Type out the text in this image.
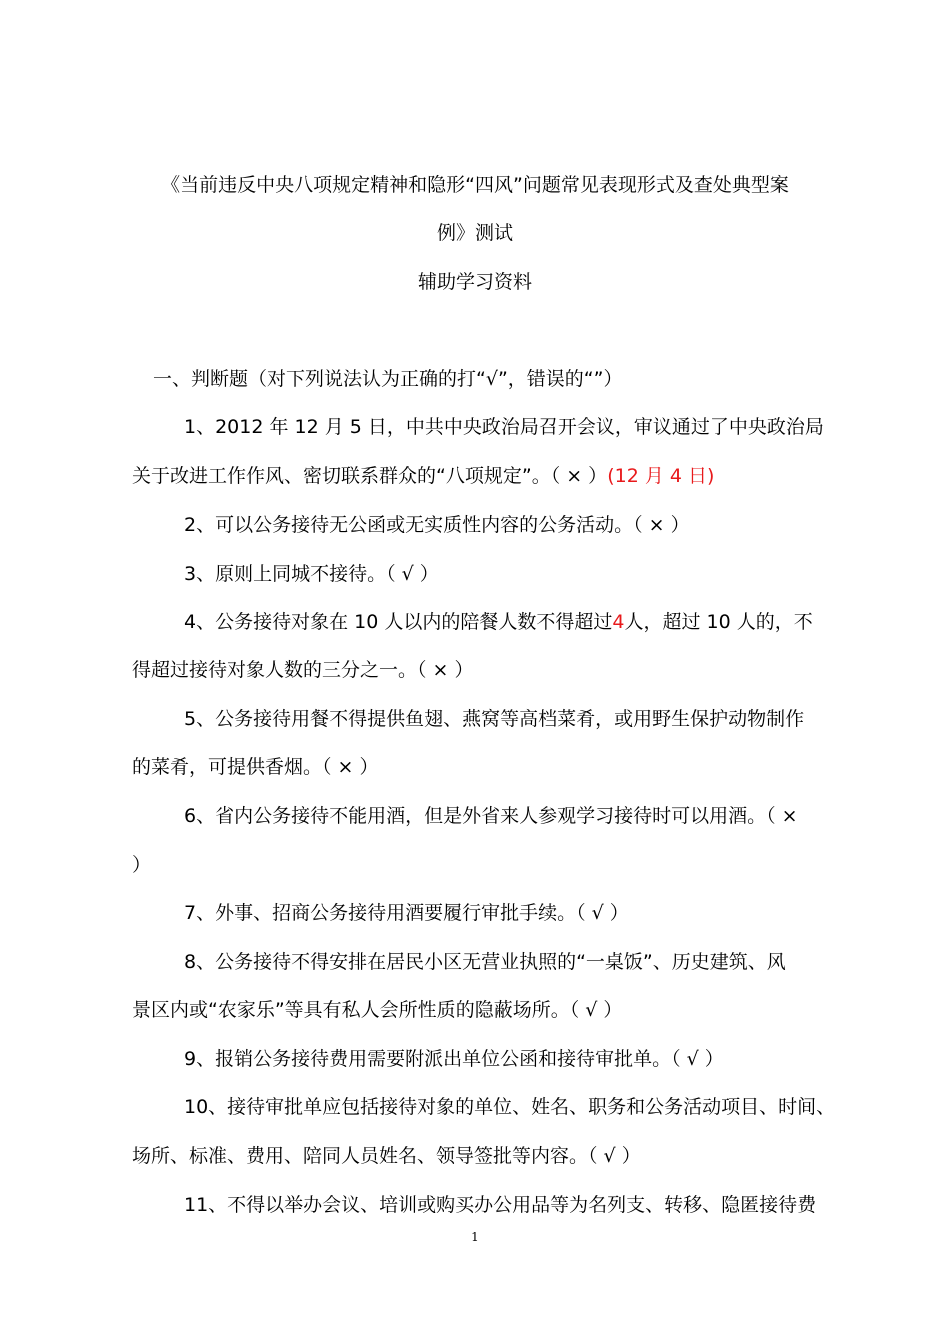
《当前违反中央八项规定精神和隐形“四风”问题常见表现形式及查处典型案
例》测试
辅助学习资料
一、判断题（对下列说法认为正确的打“√”，错误的“”）
1、2012 年 12 月 5 日，中共中央政治局召开会议，审议通过了中央政治局
关于改进工作作风、密切联系群众的“八项规定”。（ × ）(12 月 4 日)
2、可以公务接待无公函或无实质性内容的公务活动。（ × ）
3、原则上同城不接待。（ √ ）
4、公务接待对象在 10 人以内的陪餐人数不得超过4人，超过 10 人的，不
得超过接待对象人数的三分之一。（ × ）
5、公务接待用餐不得提供鱼翅、燕窝等高档菜肴，或用野生保护动物制作
的菜肴，可提供香烟。（ × ）
6、省内公务接待不能用酒，但是外省来人参观学习接待时可以用酒。（ ×
）
7、外事、招商公务接待用酒要履行审批手续。（ √ ）
8、公务接待不得安排在居民小区无营业执照的“一桌饭”、历史建筑、风
景区内或“农家乐”等具有私人会所性质的隐蔽场所。（ √ ）
9、报销公务接待费用需要附派出单位公函和接待审批单。（ √ ）
10、接待审批单应包括接待对象的单位、姓名、职务和公务活动项目、时间、
场所、标准、费用、陪同人员姓名、领导签批等内容。（ √ ）
11、不得以举办会议、培训或购买办公用品等为名列支、转移、隐匿接待费
1
